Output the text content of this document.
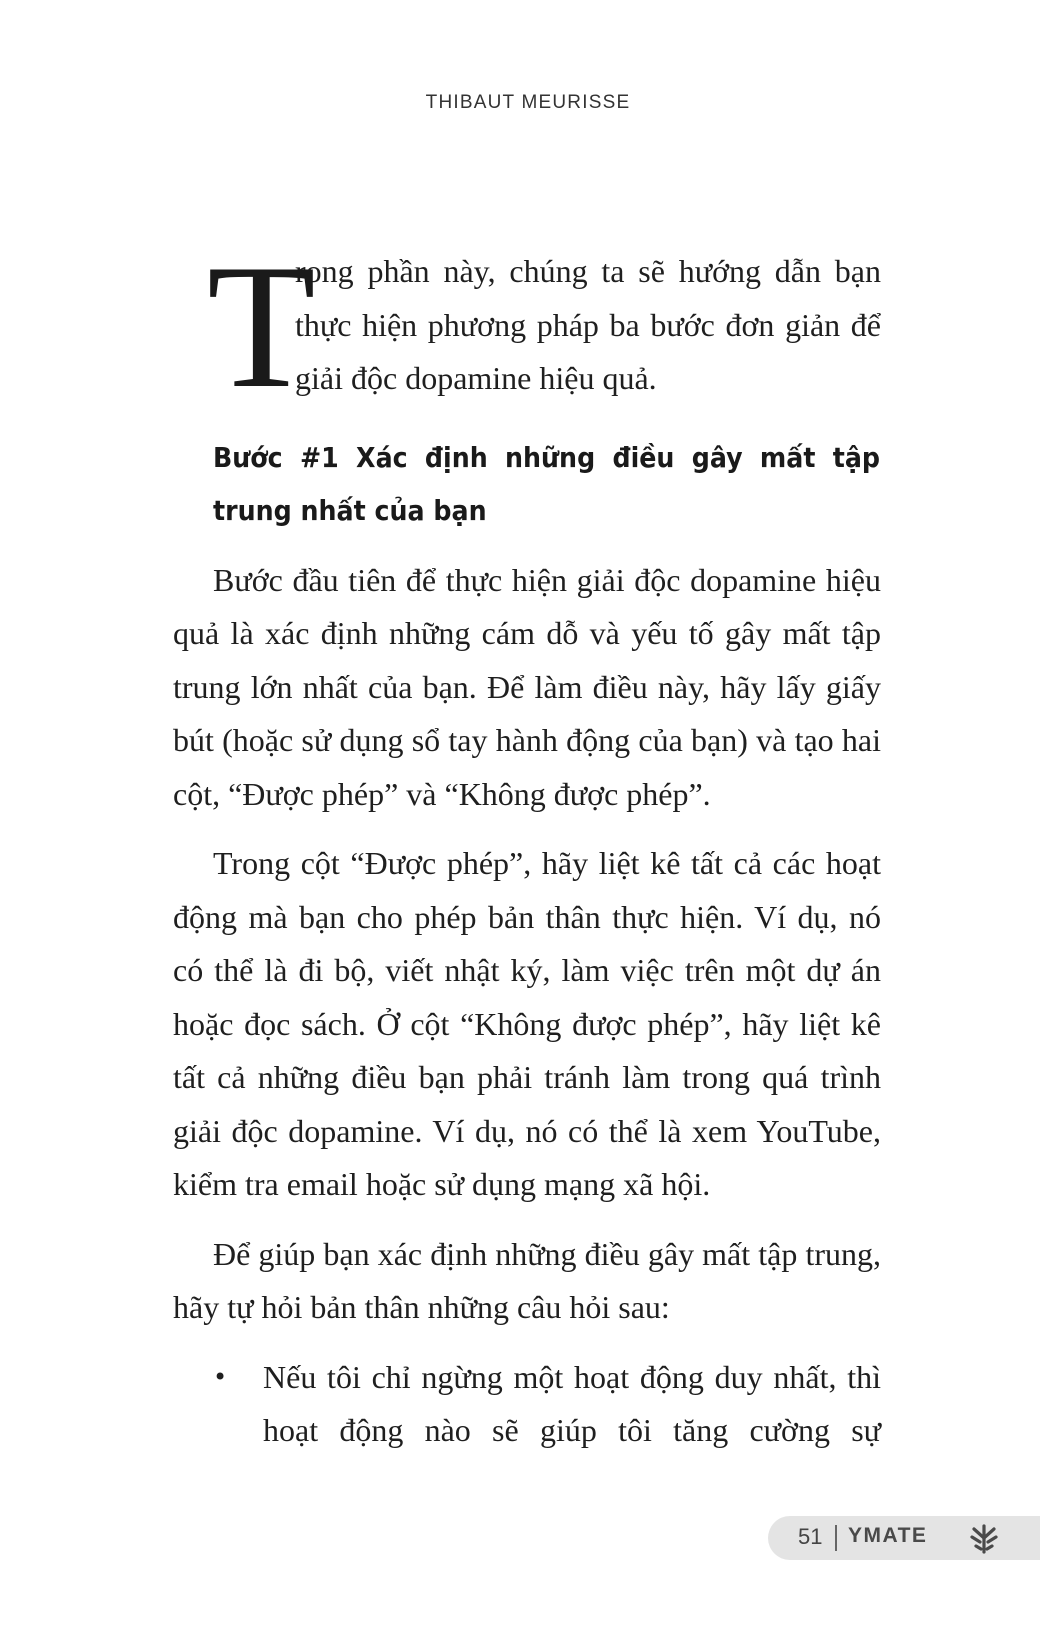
THIBAUT MEURISSE

T
rong phần này, chúng ta sẽ hướng dẫn bạn thực hiện phương pháp ba bước đơn giản để giải độc dopamine hiệu quả.

Bước #1 Xác định những điều gây mất tập trung nhất của bạn

Bước đầu tiên để thực hiện giải độc dopamine hiệu quả là xác định những cám dỗ và yếu tố gây mất tập trung lớn nhất của bạn. Để làm điều này, hãy lấy giấy bút (hoặc sử dụng sổ tay hành động của bạn) và tạo hai cột, “Được phép” và “Không được phép”.

Trong cột “Được phép”, hãy liệt kê tất cả các hoạt động mà bạn cho phép bản thân thực hiện. Ví dụ, nó có thể là đi bộ, viết nhật ký, làm việc trên một dự án hoặc đọc sách. Ở cột “Không được phép”, hãy liệt kê tất cả những điều bạn phải tránh làm trong quá trình giải độc dopamine. Ví dụ, nó có thể là xem YouTube, kiểm tra email hoặc sử dụng mạng xã hội.

Để giúp bạn xác định những điều gây mất tập trung, hãy tự hỏi bản thân những câu hỏi sau:

• Nếu tôi chỉ ngừng một hoạt động duy nhất, thì hoạt động nào sẽ giúp tôi tăng cường sự
51 YMATE
